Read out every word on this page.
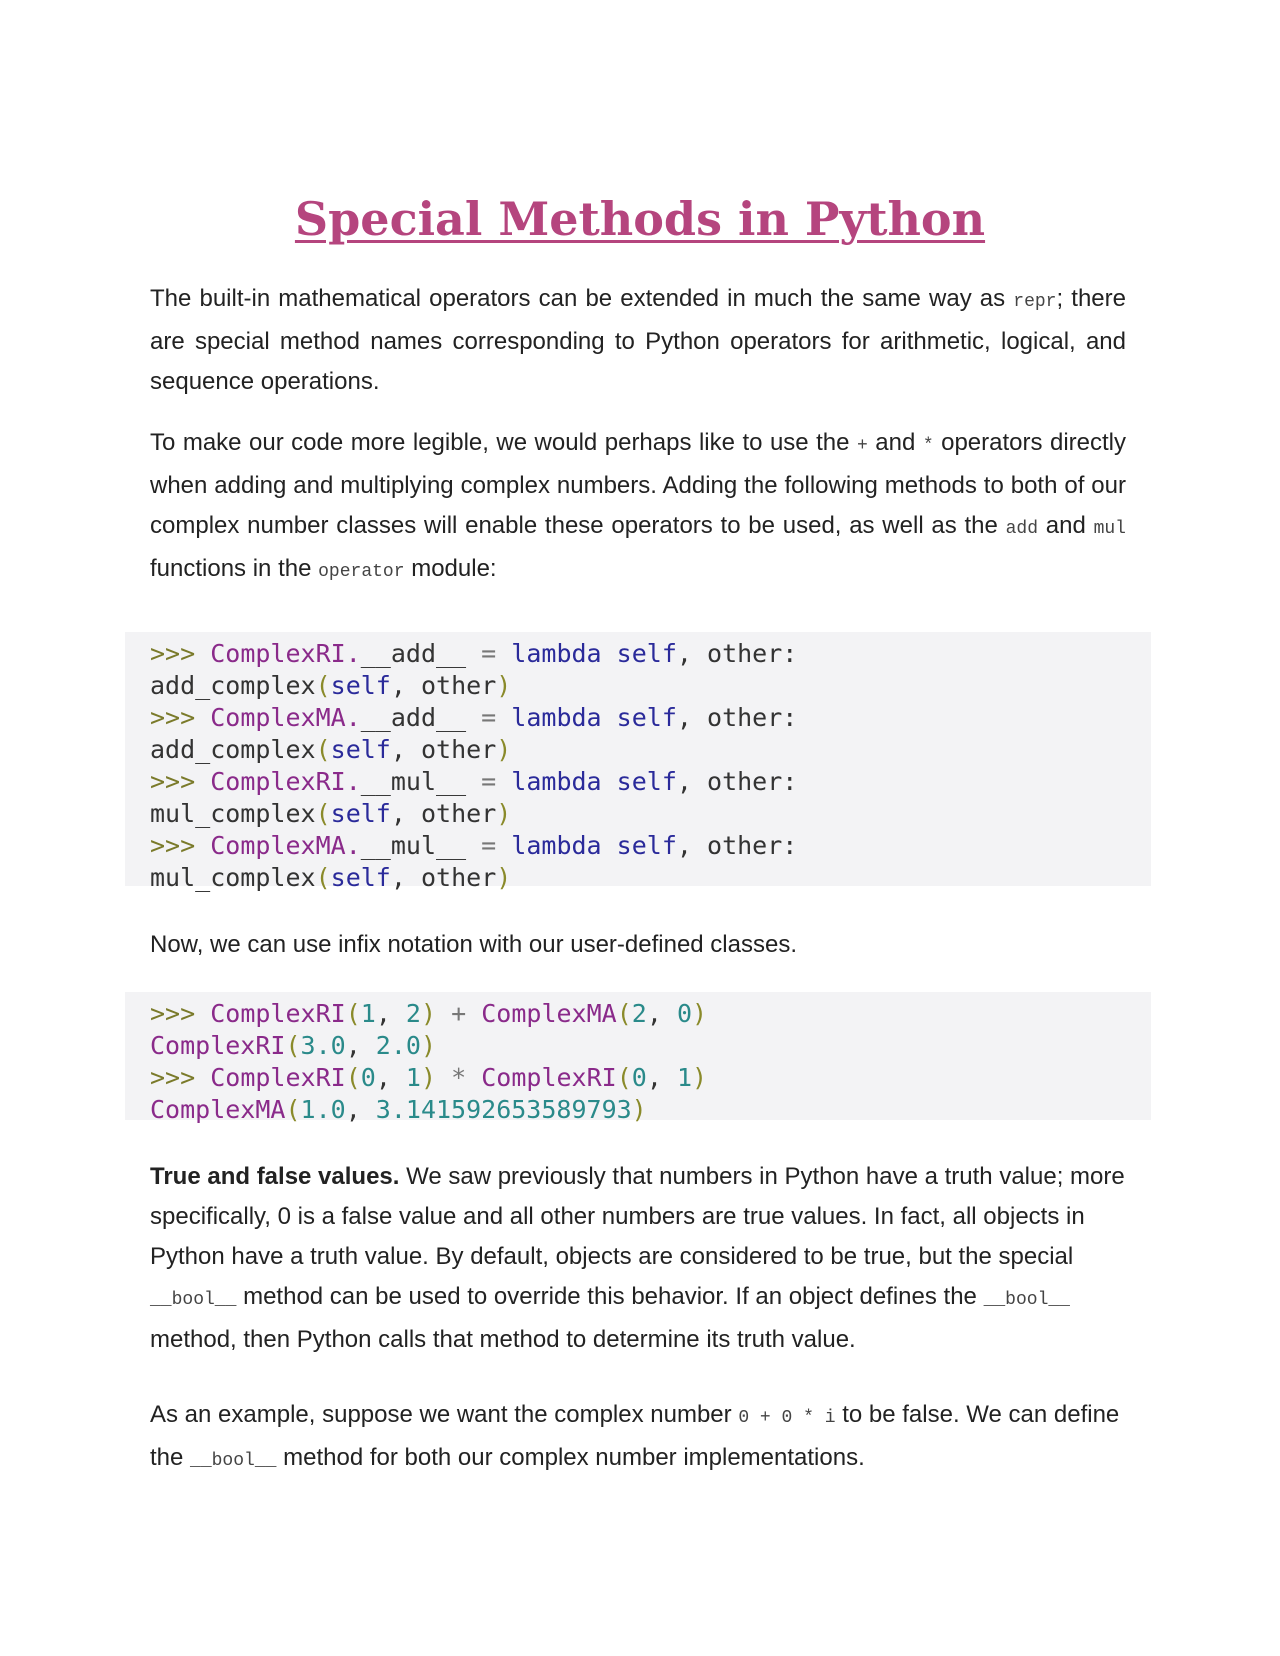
Special Methods in Python

The built-in mathematical operators can be extended in much the same way as repr; there are special method names corresponding to Python operators for arithmetic, logical, and sequence operations.

To make our code more legible, we would perhaps like to use the + and * operators directly when adding and multiplying complex numbers. Adding the following methods to both of our complex number classes will enable these operators to be used, as well as the add and mul functions in the operator module:

>>> ComplexRI.__add__ = lambda self, other:
add_complex(self, other)
>>> ComplexMA.__add__ = lambda self, other:
add_complex(self, other)
>>> ComplexRI.__mul__ = lambda self, other:
mul_complex(self, other)
>>> ComplexMA.__mul__ = lambda self, other:
mul_complex(self, other)

Now, we can use infix notation with our user-defined classes.

>>> ComplexRI(1, 2) + ComplexMA(2, 0)
ComplexRI(3.0, 2.0)
>>> ComplexRI(0, 1) * ComplexRI(0, 1)
ComplexMA(1.0, 3.141592653589793)

True and false values. We saw previously that numbers in Python have a truth value; more specifically, 0 is a false value and all other numbers are true values. In fact, all objects in Python have a truth value. By default, objects are considered to be true, but the special __bool__ method can be used to override this behavior. If an object defines the __bool__ method, then Python calls that method to determine its truth value.

As an example, suppose we want the complex number 0 + 0 * i to be false. We can define the __bool__ method for both our complex number implementations.
